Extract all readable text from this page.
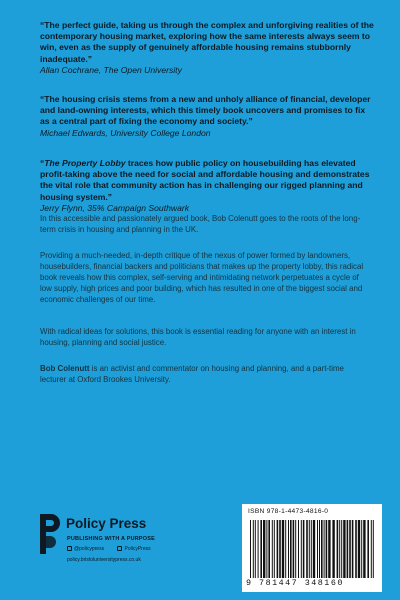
“The perfect guide, taking us through the complex and unforgiving realities of the contemporary housing market, exploring how the same interests always seem to win, even as the supply of genuinely affordable housing remains stubbornly inadequate.”

Allan Cochrane, The Open University

“The housing crisis stems from a new and unholy alliance of financial, developer and land-owning interests, which this timely book uncovers and promises to fix as a central part of fixing the economy and society.”

Michael Edwards, University College London

“The Property Lobby traces how public policy on housebuilding has elevated profit-taking above the need for social and affordable housing and demonstrates the vital role that community action has in challenging our rigged planning and housing system.”

Jerry Flynn, 35% Campaign Southwark

In this accessible and passionately argued book, Bob Colenutt goes to the roots of the long-term crisis in housing and planning in the UK.

Providing a much-needed, in-depth critique of the nexus of power formed by landowners, housebuilders, financial backers and politicians that makes up the property lobby, this radical book reveals how this complex, self-serving and intimidating network perpetuates a cycle of low supply, high prices and poor building, which has resulted in one of the biggest social and economic challenges of our time.

With radical ideas for solutions, this book is essential reading for anyone with an interest in housing, planning and social justice.

Bob Colenutt is an activist and commentator on housing and planning, and a part-time lecturer at Oxford Brookes University.

Policy Press

PUBLISHING WITH A PURPOSE

@policypress	PolicyPress

policy.bristoluniversitypress.co.uk

ISBN 978-1-4473-4816-0

9 781447 348160
